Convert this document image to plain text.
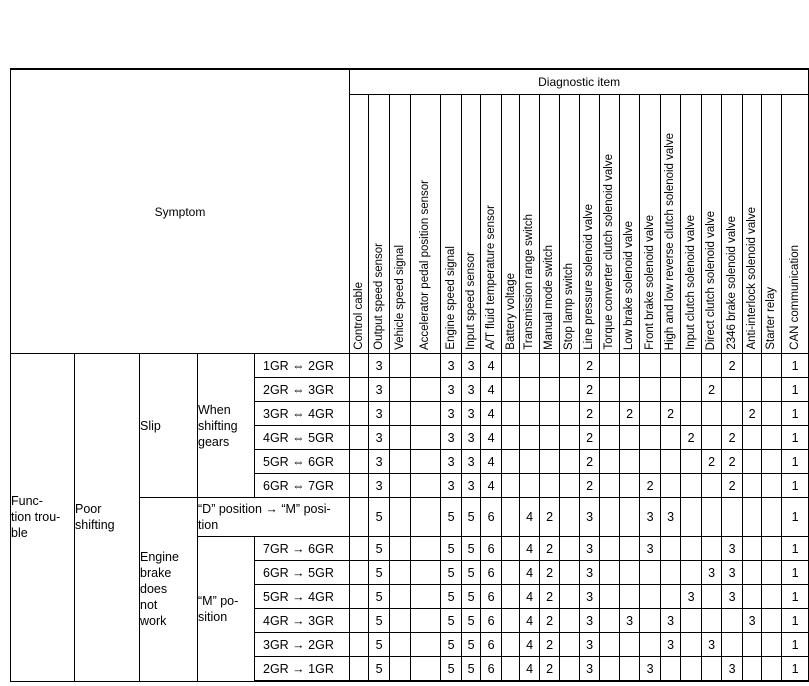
Symptom					Diagnostic item																					
					Control cable	Output speed sensor	Vehicle speed signal	Accelerator pedal position sensor	Engine speed signal	Input speed sensor	A/T fluid temperature sensor	Battery voltage	Transmission range switch	Manual mode switch	Stop lamp switch	Line pressure solenoid valve	Torque converter clutch solenoid valve	Low brake solenoid valve	Front brake solenoid valve	High and low reverse clutch solenoid valve	Input clutch solenoid valve	Direct clutch solenoid valve	2346 brake solenoid valve	Anti-interlock solenoid valve	Starter relay	CAN communication
Func-
tion trou-
ble	Poor
shifting	Slip	When
shifting
gears	1GR ⇔ 2GR		3			3	3	4					2							2			1
				2GR ⇔ 3GR		3			3	3	4					2						2				1
				3GR ⇔ 4GR		3			3	3	4					2		2		2				2		1
				4GR ⇔ 5GR		3			3	3	4					2					2		2			1
				5GR ⇔ 6GR		3			3	3	4					2						2	2			1
				6GR ⇔ 7GR		3			3	3	4					2			2				2			1
		Engine
brake
does
not
work	“D” position → “M” posi-
tion			5			5	5	6		4	2		3			3	3						1
			“M” po-
sition	7GR → 6GR		5			5	5	6		4	2		3			3				3			1
				6GR → 5GR		5			5	5	6		4	2		3						3	3			1
				5GR → 4GR		5			5	5	6		4	2		3					3		3			1
				4GR → 3GR		5			5	5	6		4	2		3		3		3				3		1
				3GR → 2GR		5			5	5	6		4	2		3				3		3				1
				2GR → 1GR		5			5	5	6		4	2		3			3				3			1
